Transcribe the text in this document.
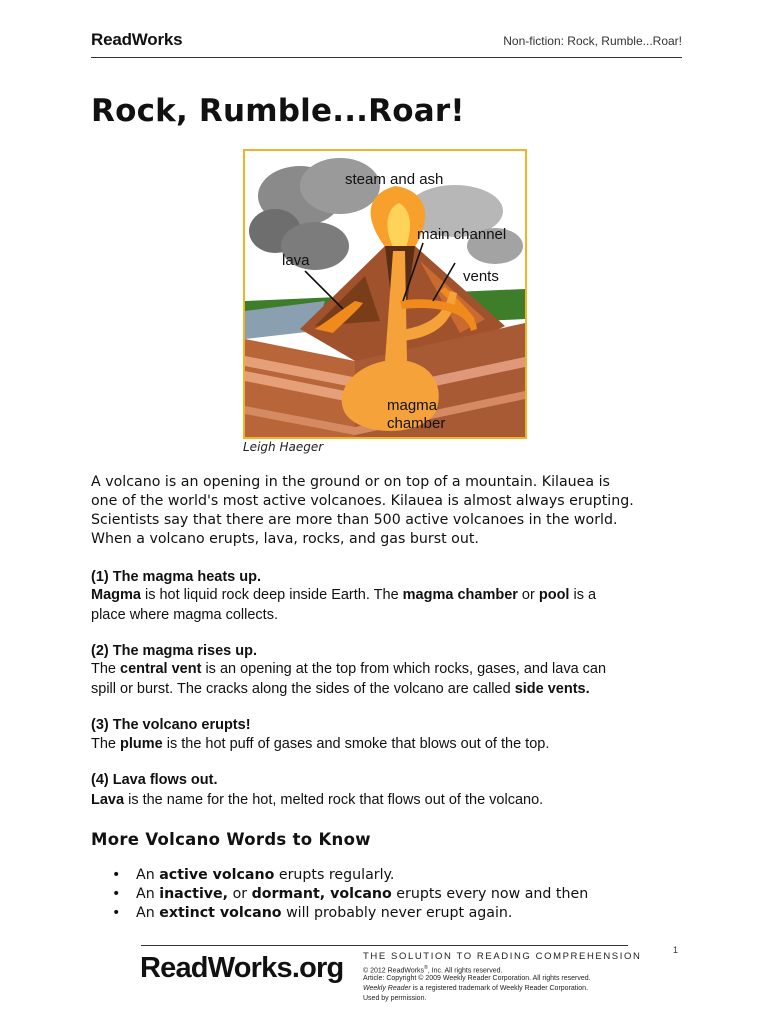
ReadWorks	Non-fiction: Rock, Rumble...Roar!
Rock, Rumble...Roar!
steam and ash
main channel
lava
vents
magma
chamber
Leigh Haeger

A volcano is an opening in the ground or on top of a mountain. Kilauea is

one of the world's most active volcanoes. Kilauea is almost always erupting.

Scientists say that there are more than 500 active volcanoes in the world.

When a volcano erupts, lava, rocks, and gas burst out.

(1) The magma heats up.

Magma is hot liquid rock deep inside Earth. The magma chamber or pool is a

place where magma collects.

(2) The magma rises up.

The central vent is an opening at the top from which rocks, gases, and lava can

spill or burst. The cracks along the sides of the volcano are called side vents.

(3) The volcano erupts!

The plume is the hot puff of gases and smoke that blows out of the top.

(4) Lava flows out.

Lava is the name for the hot, melted rock that flows out of the volcano.

More Volcano Words to Know
•	An active volcano erupts regularly.
•	An inactive, or dormant, volcano erupts every now and then
•	An extinct volcano will probably never erupt again.
ReadWorks.org THE SOLUTION TO READING COMPREHENSION
© 2012 ReadWorks®, Inc. All rights reserved.
Article: Copyright © 2009 Weekly Reader Corporation. All rights reserved.
Weekly Reader is a registered trademark of Weekly Reader Corporation.
Used by permission.
1
